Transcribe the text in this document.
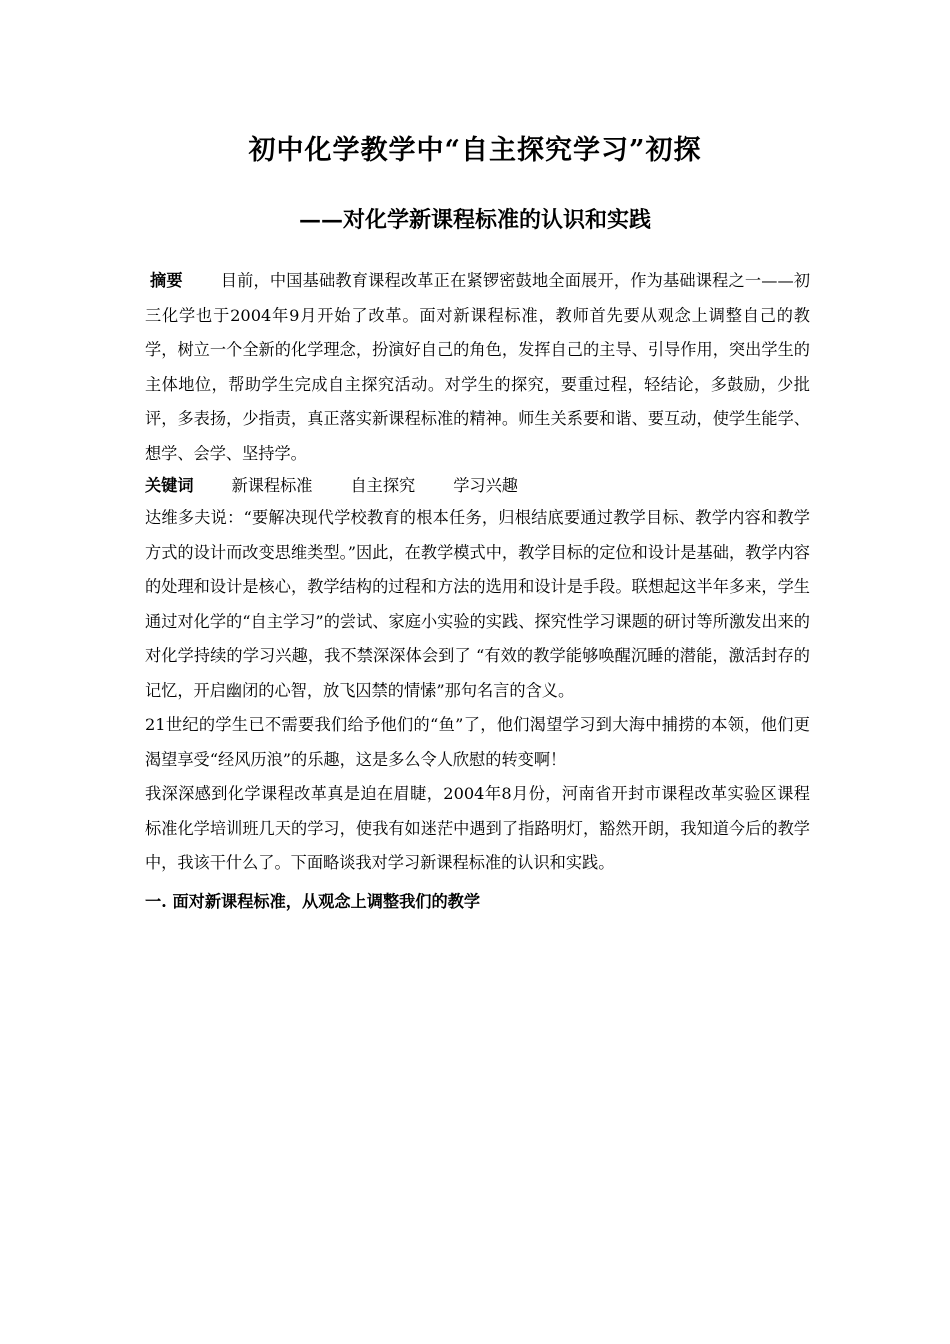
初中化学教学中“自主探究学习”初探
——对化学新课程标准的认识和实践

摘要 目前，中国基础教育课程改革正在紧锣密鼓地全面展开，作为基础课程之一——初三化学也于2004年9月开始了改革。面对新课程标准，教师首先要从观念上调整自己的教学，树立一个全新的化学理念，扮演好自己的角色，发挥自己的主导、引导作用，突出学生的主体地位，帮助学生完成自主探究活动。对学生的探究，要重过程，轻结论，多鼓励，少批评，多表扬，少指责，真正落实新课程标准的精神。师生关系要和谐、要互动，使学生能学、想学、会学、坚持学。

关键词 新课程标准 自主探究 学习兴趣

达维多夫说：“要解决现代学校教育的根本任务，归根结底要通过教学目标、教学内容和教学方式的设计而改变思维类型。”因此，在教学模式中，教学目标的定位和设计是基础，教学内容的处理和设计是核心，教学结构的过程和方法的选用和设计是手段。联想起这半年多来，学生通过对化学的“自主学习”的尝试、家庭小实验的实践、探究性学习课题的研讨等所激发出来的对化学持续的学习兴趣，我不禁深深体会到了 “有效的教学能够唤醒沉睡的潜能，激活封存的记忆，开启幽闭的心智，放飞囚禁的情愫”那句名言的含义。

21世纪的学生已不需要我们给予他们的“鱼”了，他们渴望学习到大海中捕捞的本领，他们更渴望享受“经风历浪”的乐趣，这是多么令人欣慰的转变啊！

我深深感到化学课程改革真是迫在眉睫，2004年8月份，河南省开封市课程改革实验区课程标准化学培训班几天的学习，使我有如迷茫中遇到了指路明灯，豁然开朗，我知道今后的教学中，我该干什么了。下面略谈我对学习新课程标准的认识和实践。

一. 面对新课程标准，从观念上调整我们的教学
